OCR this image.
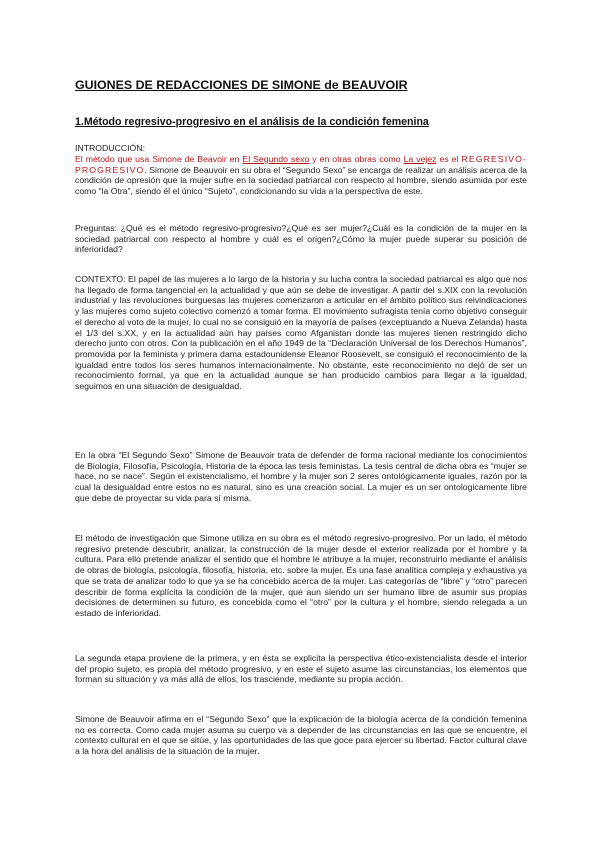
GUIONES DE REDACCIONES DE SIMONE de BEAUVOIR
1.Método regresivo-progresivo en el análisis de la condición femenina
INTRODUCCIÓN:
El método que usa Simone de Beavoir en El Segundo sexo y en otras obras como La vejez es el REGRESIVO-PROGRESIVO. Simone de Beauvoir en su obra el “Segundo Sexo” se encarga de realizar un análisis acerca de la condición de opresión que la mujer sufre en la sociedad patriarcal con respecto al hombre, siendo asumida por este como “la Otra”, siendo él el único “Sujeto”, condicionando su vida a la perspectiva de este.
Preguntas: ¿Qué es el método regresivo-progresivo?¿Qué es ser mujer?¿Cuál es la condición de la mujer en la sociedad patriarcal con respecto al hombre y cuál es el origen?¿Cómo la mujer puede superar su posición de inferioridad?
CONTEXTO: El papel de las mujeres a lo largo de la historia y su lucha contra la sociedad patriarcal es algo que nos ha llegado de forma tangencial en la actualidad y que aún se debe de investigar. A partir del s.XIX con la revolución industrial y las revoluciones burguesas las mujeres comenzaron a articular en el ámbito político sus reivindicaciones y las mujeres como sujeto colectivo comenzó a tomar forma. El movimiento sufragista tenía como objetivo conseguir el derecho al voto de la mujer, lo cual no se consiguió en la mayoría de países (exceptuando a Nueva Zelanda) hasta el 1/3 del s.XX, y en la actualidad aún hay países como Afganistan donde las mujeres tienen restringido dicho derecho junto con otros. Con la publicación en el año 1949 de la “Declaración Universal de los Derechos Humanos”, promovida por la feminista y primera dama estadounidense Eleanor Roosevelt, se consiguió el reconocimiento de la igualdad entre todos los seres humanos internacionalmente. No obstante, este reconocimiento no dejó de ser un reconocimiento formal, ya que en la actualidad aunque se han producido cambios para llegar a la igualdad, seguimos en una situación de desigualdad.
En la obra “El Segundo Sexo” Simone de Beauvoir trata de defender de forma racional mediante los conocimientos de Biología, Filosofía, Psicología, Historia de la época las tesis feministas. La tesis central de dicha obra es “mujer se hace, no se nace”. Según el existencialismo, el hombre y la mujer son 2 seres ontológicamente iguales, razón por la cual la desigualdad entre estos no es natural, sino es una creación social. La mujer es un ser ontologicamente libre que debe de proyectar su vida para sí misma.
El método de investigación que Simone utiliza en su obra es el método regresivo-progresivo. Por un lado, el método regresivo pretende descubrir, analizar, la construcción de la mujer desde el exterior realizada por el hombre y la cultura. Para ello pretende analizar el sentido que el hombre le atribuye a la mujer, reconstruirlo mediante el análisis de obras de biología, psicología, filosofía, historia, etc. sobre la mujer. Es una fase analítica compleja y exhaustiva ya que se trata de analizar todo lo que ya se ha concebido acerca de la mujer. Las categorías de “libre” y “otro” parecen describir de forma explícita la condición de la mujer, que aun siendo un ser humano libre de asumir sus propias decisiones de determinen su futuro, es concebida como el “otro” por la cultura y el hombre, siendo relegada a un estado de inferioridad.
La segunda etapa proviene de la primera, y en ésta se explicita la perspectiva ético-existencialista desde el interior del propio sujeto, es propia del método progresivo, y en este el sujeto asume las circunstancias, los elementos que forman su situación y va más allá de ellos, los trasciende, mediante su propia acción.
Simone de Beauvoir afirma en el “Segundo Sexo” que la explicación de la biología acerca de la condición femenina no es correcta. Como cada mujer asuma su cuerpo va a depender de las circunstancias en las que se encuentre, el contexto cultural en el que se sitúe, y las oportunidades de las que goce para ejercer su libertad. Factor cultural clave a la hora del análisis de la situación de la mujer.
